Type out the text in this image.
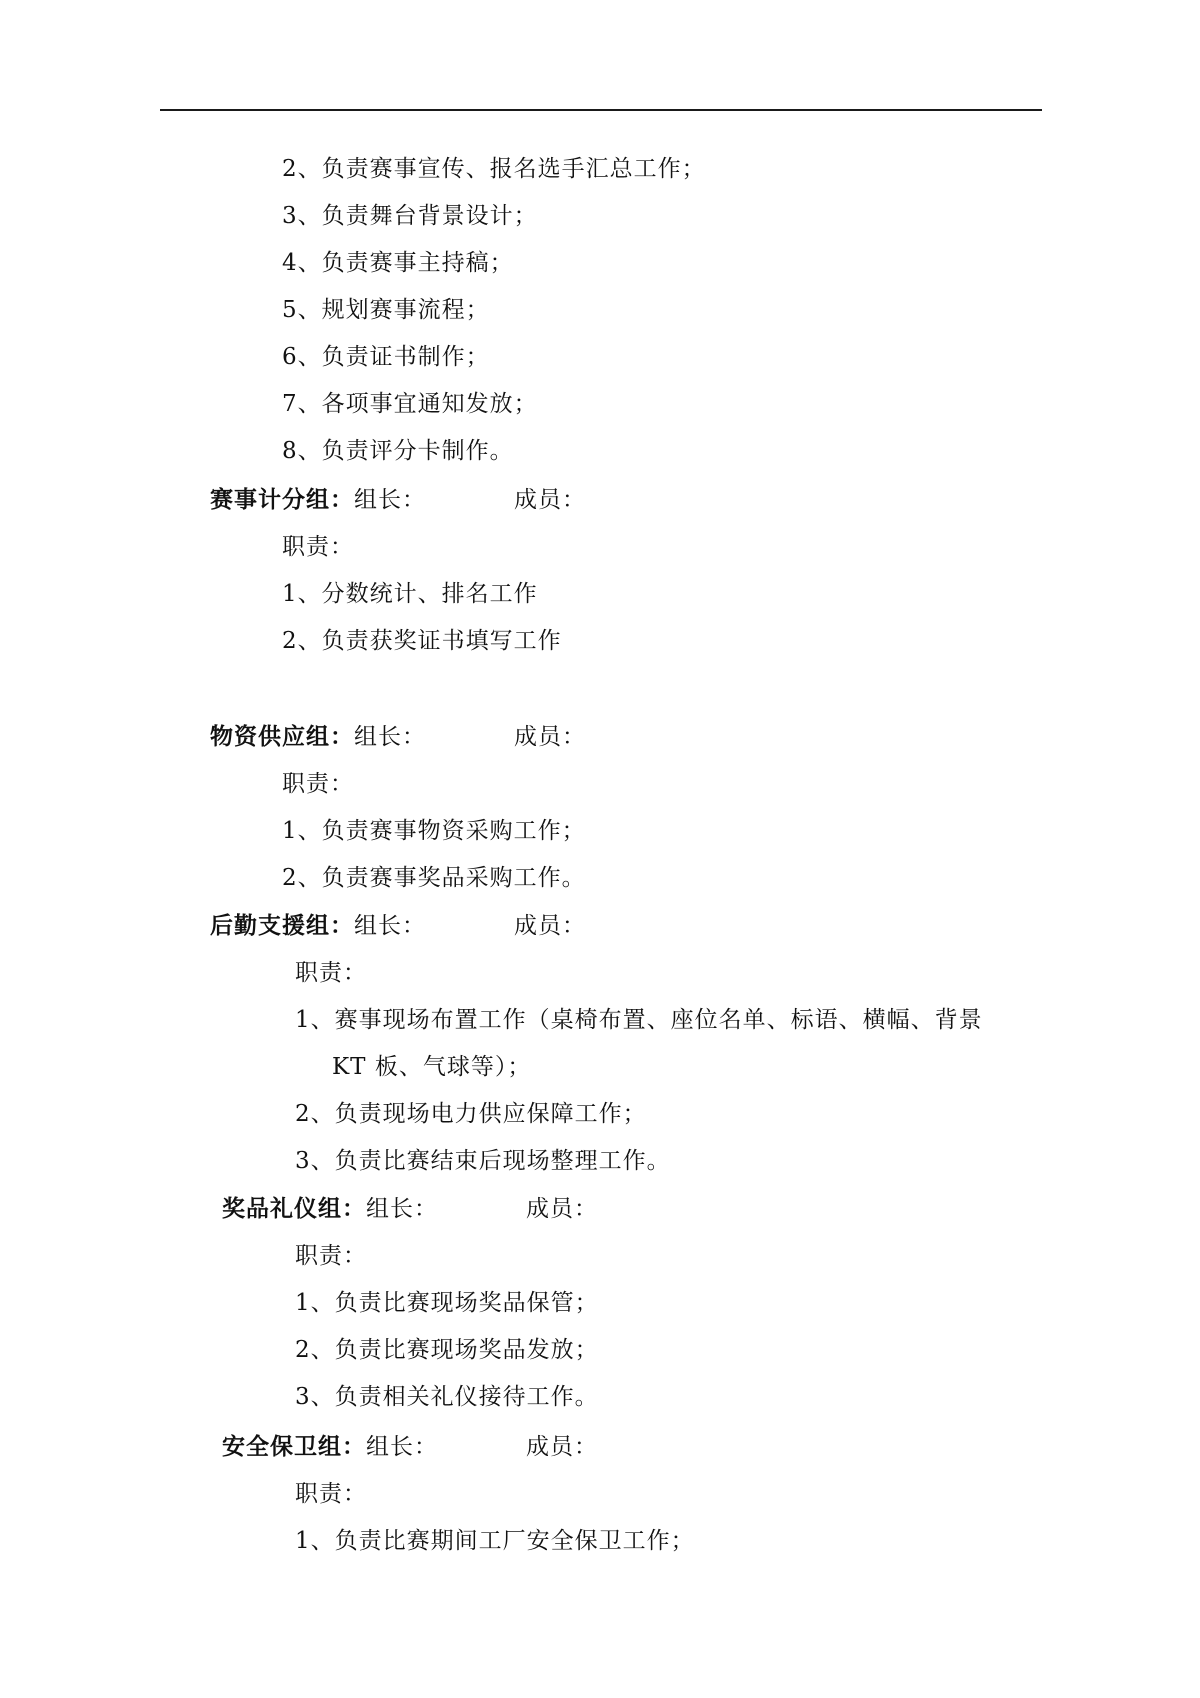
2、负责赛事宣传、报名选手汇总工作；
3、负责舞台背景设计；
4、负责赛事主持稿；
5、规划赛事流程；
6、负责证书制作；
7、各项事宜通知发放；
8、负责评分卡制作。
赛事计分组：组长：	成员：
职责：
1、分数统计、排名工作
2、负责获奖证书填写工作
物资供应组：组长：	成员：
职责：
1、负责赛事物资采购工作；
2、负责赛事奖品采购工作。
后勤支援组：组长：	成员：
职责：
1、赛事现场布置工作（桌椅布置、座位名单、标语、横幅、背景
KT 板、气球等）；
2、负责现场电力供应保障工作；
3、负责比赛结束后现场整理工作。
奖品礼仪组：组长：	成员：
职责：
1、负责比赛现场奖品保管；
2、负责比赛现场奖品发放；
3、负责相关礼仪接待工作。
安全保卫组：组长：	成员：
职责：
1、负责比赛期间工厂安全保卫工作；
